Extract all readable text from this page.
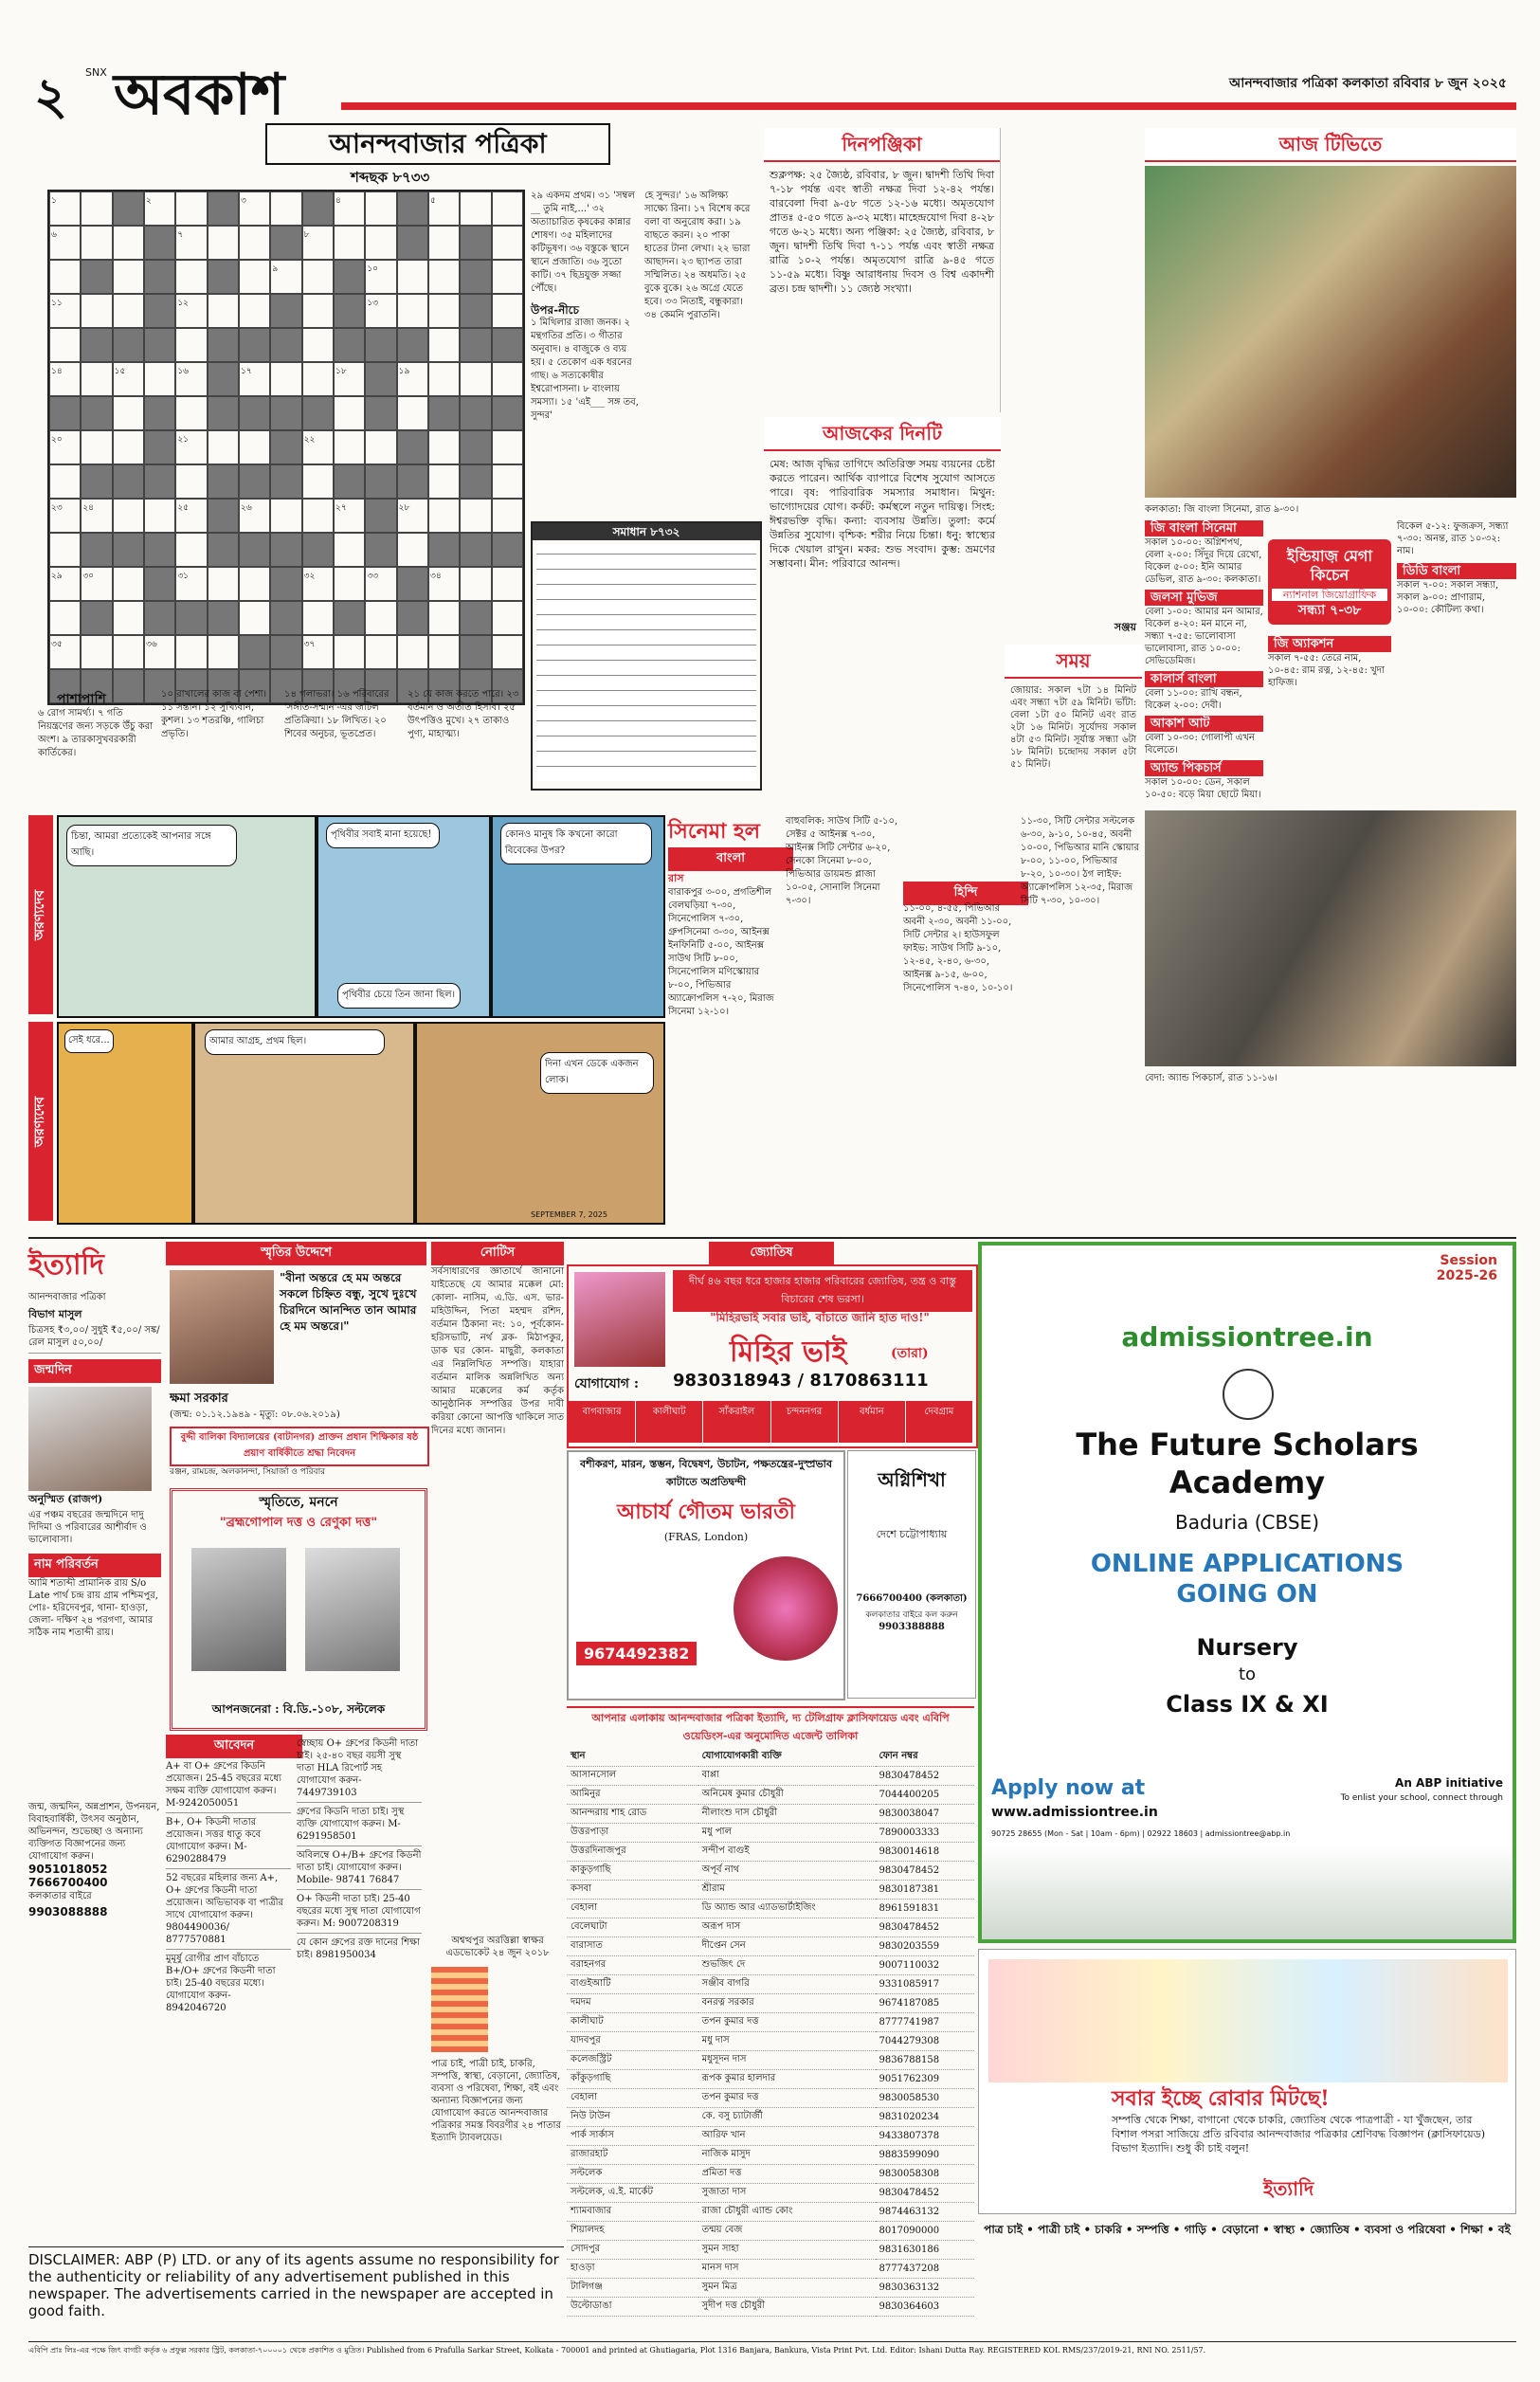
২ SNX অবকাশ	আনন্দবাজার পত্রিকা কলকাতা রবিবার ৮ জুন ২০২৫
আনন্দবাজার পত্রিকা
শব্দছক ৮৭৩৩
১	২	৩	৪	৫
৬	৭	৮
৯	১০
১১	১২	১৩
১৪	১৫	১৬	১৭	১৮	১৯
২০	২১	২২
২৩	২৪	২৫	২৬	২৭	২৮
২৯	৩০	৩১	৩২	৩৩	৩৪
৩৫	৩৬	৩৭
২৯ একদম প্রথম। ৩১ 'সম্বল __ তুমি নাই,...' ৩২ অত্যাচারিত কৃষকের কান্নার শোষণ। ৩৫ মহিলাদের কটিভূষণ। ৩৬ বস্তুকে স্থানে স্থানে প্রজাতি। ৩৬ সুতো কাটি। ৩৭ ছিদ্রযুক্ত সজ্জা পৌঁছে।
উপর-নীচে
১ মিথিলার রাজা জনক। ২ মন্থগতির প্রতি। ৩ গীতার অনুবাদ। ৪ বাজুকে ও ব্যয় হয়। ৫ তেকোণ এক ধরনের গাছ। ৬ সত্যকোষীর ইশ্বরোপাসনা। ৮ বাংলায় সমস্যা। ১৫ 'এই___ সঙ্গ তব, সুন্দর'
হে সুন্দর।' ১৬ অলিক্ষ্য সাক্ষ্যে রিনা। ১৭ বিশেষ করে বলা বা অনুরোধ করা। ১৯ বাছতে করন। ২০ পাকা হাতের টানা লেখা। ২২ ভারা আছাদন। ২৩ ছ্যাপত তারা সম্মিলিত। ২৪ অধমতি। ২৫ বুকে বুকে। ২৬ অগ্রে যেতে হবে। ৩৩ নিতাই, বন্ধুকারা। ৩৪ কেমনি পুরাতনি।
সমাধান ৮৭৩২
পাশাপাশি
৬ রোগ সামর্থ্য। ৭ গতি নিয়ন্ত্রণের জন্য সড়কে উঁচু করা অংশ। ৯ তারকাসুখবরকারী কার্তিকের।
১০ রাখালের কাজ বা পেশা। ১১ সন্তান। ১২ সুখ্যিবান, কুশল। ১৩ শতরঞ্চি, গালিচা প্রভৃতি।
১৪ গলাভরা। ১৬ পরিবারের 'সঙ্গীত-সম্মান'-এর জটিল প্রতিক্রিয়া। ১৮ লিখিত। ২০ শিবের অনুচর, ভূতপ্রেত।
২১ যে কাজ করতে পারে। ২৩ বর্তমান ও অতীত হিসাব। ২৫ উৎপত্তিও মুখে। ২৭ তাকাও পুণ্য, মাহাত্ম্য।
দিনপঞ্জিকা
শুক্লপক্ষ: ২৫ জ্যৈষ্ঠ, রবিবার, ৮ জুন। দ্বাদশী তিথি দিবা ৭-১৮ পর্যন্ত এবং স্বাতী নক্ষত্র দিবা ১২-৪২ পর্যন্ত। বারবেলা দিবা ৯-৫৮ গতে ১২-১৬ মধ্যে। অমৃতযোগ প্রাতঃ ৫-৫০ গতে ৯-৩২ মধ্যে। মাহেন্দ্রযোগ দিবা ৪-২৮ গতে ৬-২১ মধ্যে। অন্য পঞ্জিকা: ২৫ জ্যৈষ্ঠ, রবিবার, ৮ জুন। দ্বাদশী তিথি দিবা ৭-১১ পর্যন্ত এবং স্বাতী নক্ষত্র রাত্রি ১০-২ পর্যন্ত। অমৃতযোগ রাত্রি ৯-৪৫ গতে ১১-৫৯ মধ্যে। বিষ্ণু আরাধনায় দিবস ও বিশ্ব একাদশী ব্রত। চন্দ্র দ্বাদশী। ১১ জ্যেষ্ঠ সংখ্যা।
আজকের দিনটি
মেষ: আজ বৃদ্ধির তাগিদে অতিরিক্ত সময় ব্যয়নের চেষ্টা করতে পারেন। আর্থিক ব্যাপারে বিশেষ সুযোগ আসতে পারে। বৃষ: পারিবারিক সমস্যার সমাধান। মিথুন: ভাগ্যোদয়ের যোগ। কর্কট: কর্মস্থলে নতুন দায়িত্ব। সিংহ: ঈশ্বরভক্তি বৃদ্ধি। কন্যা: ব্যবসায় উন্নতি। তুলা: কর্মে উন্নতির সুযোগ। বৃশ্চিক: শরীর নিয়ে চিন্তা। ধনু: স্বাস্থ্যের দিকে খেয়াল রাখুন। মকর: শুভ সংবাদ। কুম্ভ: ভ্রমণের সম্ভাবনা। মীন: পরিবারে আনন্দ।
সঞ্জয়
সময়
জোয়ার: সকাল ৭টা ১৪ মিনিট এবং সন্ধ্যা ৭টা ৫৯ মিনিট। ভাঁটা: বেলা ১টা ৫০ মিনিট এবং রাত ২টা ১৬ মিনিট। সূর্যোদয় সকাল ৪টা ৫৩ মিনিট। সূর্যাস্ত সন্ধ্যা ৬টা ১৮ মিনিট। চন্দ্রোদয় সকাল ৫টা ৫১ মিনিট।
আজ টিভিতে
কলকাতা: জি বাংলা সিনেমা, রাত ৯-৩০।
জি বাংলা সিনেমা
সকাল ১০-০০: অগ্নিশপথ, বেলা ২-০০: সিঁদুর দিয়ে রেখো, বিকেল ৫-০০: ইনি আমার ডেভিল, রাত ৯-৩০: কলকাতা।
জলসা মুভিজ
বেলা ১-০০: আমার মন আমার, বিকেল ৪-২০: মন মানে না, সন্ধ্যা ৭-৫৫: ভালোবাসা ভালোবাসা, রাত ১০-০০: সেভিডেমিজ।
কালার্স বাংলা
বেলা ১১-০০: রাখি বন্ধন, বিকেল ২-০০: দেবী।
আকাশ আট
বেলা ১০-৩০: গোলাপী এখন বিলেতে।
অ্যান্ড পিকচার্স
সকাল ১০-০০: ডেন, সকাল ১০-৫০: বড়ে মিয়া ছোটে মিয়া।
ইন্ডিয়াজ় মেগা কিচেন
ন্যাশনাল জিয়োগ্রাফিক
সন্ধ্যা ৭-৩৮
জি অ্যাকশন
সকাল ৭-৫৫: তেরে নাম, ১০-৪৫: রাম রত্ন, ১২-৪৫: খুদা হাফিজ।
বিকেল ৫-১২: ফুজক্রস, সন্ধ্যা ৭-৩০: অনন্ত, রাত ১০-৩২: নাম।
ডিডি বাংলা
সকাল ৭-০০: সকাল সন্ধ্যা, সকাল ৯-০০: প্রাণারাম, ১০-০০: কৌটিল্য কথা।
বেদা: অ্যান্ড পিকচার্স, রাত ১১-১৬।
অরণ্যদেব
অরণ্যদেব
চিন্তা, আমরা প্রত্যেকেই আপনার সঙ্গে আছি।
পৃথিবীর সবাই মানা হয়েছে!
পৃথিবীর চেয়ে তিন জানা ছিল।
কোনও মানুষ কি কখনো কারো বিবেকের উপর?
সেই ধরে...	আমার আগ্রহ, প্রথম ছিল।
দিনা এখন ডেকে একজন লোক।
SEPTEMBER 7, 2025
সিনেমা হল
বাংলা
রাস
বারাকপুর ৩-০০, প্রগতিশীল বেলঘড়িয়া ৭-৩০, সিনেপোলিস ৭-৩০, গ্রুপসিনেমা ৩-৩০, আইনক্স ইনফিনিটি ৫-০০, আইনক্স সাউথ সিটি ৮-০০, সিনেপোলিস মণিস্কোয়ার ৮-০০, পিভিআর অ্যাক্রোপলিস ৭-২০, মিরাজ সিনেমা ১২-১০।
বাহুবলিক: সাউথ সিটি ৫-১০, সেক্টর ৫ আইনক্স ৭-৩০, আইনক্স সিটি সেন্টার ৬-২০, সেনকো সিনেমা ৮-০০, পিভিআর ডায়মন্ড প্লাজা ১০-০৫, সোনালি সিনেমা ৭-৩০।
হিন্দি
১১-০০, ৪-৫৫, পিভিআর অবনী ২-৩০, অবনী ১১-০০, সিটি সেন্টার ২। হাউসফুল ফাইভ: সাউথ সিটি ৯-১০, ১২-৪৫, ২-৪০, ৬-৩০, আইনক্স ৯-১৫, ৬-০০, সিনেপোলিস ৭-৪০, ১০-১০।
১১-৩০, সিটি সেন্টার সল্টলেক ৬-৩০, ৯-১০, ১০-৪৫, অবনী ১০-০০, পিভিআর মানি স্কোয়ার ৮-০০, ১১-০০, পিভিআর ৮-২০, ১০-৩০। ঠগ লাইফ: অ্যাক্রোপলিস ১২-৩৫, মিরাজ সিটি ৭-৩০, ১০-৩০।
ইত্যাদি
আনন্দবাজার পত্রিকা
বিভাগ মাসুল
চিত্রসহ ₹৩,০০/ সুধুই ₹৫,০০/ সঙ্ক/রেল মাসুল ৫০,০০/
জন্মদিন
অনুস্মিত (রাজপ)
এর পঞ্চম বছরের জন্মদিনে দাদু দিদিমা ও পরিবারের আশীর্বাদ ও ভালোবাসা।
নাম পরিবর্তন
আমি শতাব্দী প্রামানিক রায় S/o Late পার্থ চন্দ্র রায় গ্রাম পশ্চিমপুর, পোঃ- হরিদেবপুর, থানা- হাওড়া, জেলা- দক্ষিণ ২৪ পরগণা, আমার সঠিক নাম শতাব্দী রায়।
জন্ম, জন্মদিন, অন্নপ্রাশন, উপনয়ন, বিবাহবার্ষিকী, উৎসব অনুষ্ঠান, অভিনন্দন, শুভেচ্ছা ও অন্যান্য ব্যক্তিগত বিজ্ঞাপনের জন্য যোগাযোগ করুন।
9051018052
7666700400
কলকাতার বাইরে
9903088888
স্মৃতির উদ্দেশে
"বীনা অন্তরে হে মম অন্তরে সকলে চিহ্নিত বন্ধু, সুখে দুঃখে চিরদিনে আনন্দিত তান আমার হে মম অন্তরে।"
ক্ষমা সরকার
(জন্ম: ০১.১২.১৯৪৯ - মৃত্যু: ০৮.০৬.২০১৯)
বুদ্দী বালিকা বিদ্যালয়ের (বাটানগর) প্রাক্তন প্রধান শিক্ষিকার ষষ্ঠ প্রয়াণ বার্ষিকীতে শ্রদ্ধা নিবেদন
রঞ্জন, রামচন্দ্র, অলকানন্দা, সিয়ার্জা ও পরিবার
স্মৃতিতে, মননে
"ব্রহ্মগোপাল দত্ত ও রেণুকা দত্ত"
আপনজনেরা : বি.ডি.-১০৮, সল্টলেক
আবেদন
A+ বা O+ গ্রুপের কিডনি প্রয়োজন। 25-45 বছরের মধ্যে সক্ষম ব্যক্তি যোগাযোগ করুন। M-9242050051
B+, O+ কিডনী দাতার প্রয়োজন। সত্তর ধাতু কবে যোগাযোগ করুন। M-6290288479
52 বছরের মহিলার জন্য A+, O+ গ্রুপের কিডনী দাতা প্রয়োজন। অভিভাবক বা পাত্রীর সাথে যোগাযোগ করুন। 9804490036/ 8777570881
মুমূর্ষু রোগীর প্রাণ বাঁচাতে B+/O+ গ্রুপের কিডনী দাতা চাই। 25-40 বছরের মধ্যে। যোগাযোগ করুন- 8942046720
স্বেচ্ছায় O+ গ্রুপের কিডনী দাতা চাই। ২৫-৪০ বছর বয়সী সুস্থ দাতা HLA রিপোর্ট সহ যোগাযোগ করুন- 7449739103
গ্রুপের কিডনি দাতা চাই। সুস্থ ব্যক্তি যোগাযোগ করুন। M-6291958501
অবিলম্বে O+/B+ গ্রুপের কিডনী দাতা চাই। যোগাযোগ করুন। Mobile- 98741 76847
O+ কিডনী দাতা চাই। 25-40 বছরের মধ্যে সুস্থ দাতা যোগাযোগ করুন। M: 9007208319
যে কোন গ্রুপের রক্ত দানের শিক্ষা চাই। 8981950034
নোটিস
সর্বসাধারণের জ্ঞাতার্থে জানানো যাইতেছে যে আমার মক্কেল মো: কোলা- নাসিম, এ.ডি. এস. ভার- মহিউদ্দিন, পিতা মহম্মদ রশিদ, বর্তমান ঠিকানা নং: ১০, পূর্বকোন- হরিসভাটি, নর্থ ব্লক- মিঠাপকুর, ডাক ঘর কোন- মাছুরী, কলকাতা এর নিম্নলিখিত সম্পত্তি। যাহারা বর্তমান মালিক অন্নলিখিত অন্য আমার মক্কেলের কর্ম কর্তৃক আনুষ্ঠানিক সম্পত্তির উপর দাবী করিয়া কোনো আপত্তি থাকিলে সাত দিনের মধ্যে জানান।
অশ্বত্থপুর অরত্তিল্লা স্বাক্ষর এডভোকেট ২৪ জুন ২০১৮
পাত্র চাই, পাত্রী চাই, চাকরি, সম্পত্তি, স্বাস্থ্য, বেড়ানো, জ্যোতিষ, ব্যবসা ও পরিষেবা, শিক্ষা, বই এবং অন্যান্য বিজ্ঞাপনের জন্য যোগাযোগ করতে আনন্দবাজার পত্রিকার সমস্ত বিবরণীর ২৪ পাতার ইত্যাদি ট্যাবলয়েড।
জ্যোতিষ
দীর্ঘ ৪৬ বছর ধরে হাজার হাজার পরিবারের জ্যোতিষ, তন্ত্র ও বাস্তু বিচারের শেষ ভরসা।
"মিহিরভাই সবার ভাই, বাঁচাতে জানি হাত দাও!"
মিহির ভাই	(তারা)
যোগাযোগ : 9830318943 / 8170863111
বাগবাজার	কালীঘাট	সাঁকরাইল	চন্দননগর	বর্ধমান	দেবগ্রাম
বশীকরণ, মারন, স্তম্ভন, বিদ্বেষণ, উচাটন, পক্ষতন্ত্রের-দুস্প্রভাব কাটাতে অপ্রতিদ্বন্দী
আচার্য গৌতম ভারতী
(FRAS, London)
9674492382
অগ্নিশিখা
দেশে চট্টোপাধ্যায়
7666700400 (কলকাতা)
কলকাতার বাইরে কল করুন
9903388888
আপনার এলাকায় আনন্দবাজার পত্রিকা ইত্যাদি, দ্য টেলিগ্রাফ ক্লাসিফায়েড এবং এবিপি ওয়েডিংস-এর অনুমোদিত এজেন্ট তালিকা
স্থান	যোগাযোগকারী ব্যক্তি	ফোন নম্বর
আসানসোল	বাপ্পা	9830478452
আমিনুর	অনিমেষ কুমার চৌধুরী	7044400205
আনন্দরায় শাহ রোড	নীলাংশু দাস চৌধুরী	9830038047
উত্তরপাড়া	মধু পাল	7890003333
উত্তরদিনাজপুর	সন্দীপ বাগুই	9830014618
কাকুড়গাছি	অপূর্ব নাথ	9830478452
কসবা	শ্রীরাম	9830187381
বেহালা	ডি অ্যান্ড আর এ্যাডভার্টাইজিং	8961591831
বেলেঘাটা	অরূপ দাস	9830478452
বারাসাত	দীপ্তেন সেন	9830203559
বরাহনগর	শুভজিৎ দে	9007110032
বাগুইআটি	সঞ্জীব বাগরি	9331085917
দমদম	বনরত্ন সরকার	9674187085
কালীঘাট	তপন কুমার দত্ত	8777741987
যাদবপুর	মধু দাস	7044279308
কলেজস্ট্রিট	মধুসূদন দাস	9836788158
কাঁকুড়গাছি	রূপক কুমার হালদার	9051762309
বেহালা	তপন কুমার দত্ত	9830058530
নিউ টাউন	কে. বসু চ্যাটার্জী	9831020234
পার্ক সার্কাস	আরিফ খান	9433807378
রাজারহাট	নাজিক মাসুদ	9883599090
সল্টলেক	প্রমিতা দত্ত	9830058308
সল্টলেক, এ.ই. মার্কেট	সুজাতা দাস	9830478452
শ্যামবাজার	রাজা চৌধুরী এ্যান্ড কোং	9874463132
শিয়ালদহ	তন্ময় বেজ	8017090000
সোদপুর	সুমন সাহা	9831630186
হাওড়া	মানস দাস	8777437208
টালিগঞ্জ	সুমন মিত্র	9830363132
উল্টোডাঙা	সুদীপ দত্ত চৌধুরী	9830364603
Session 2025-26
admissiontree.in
The Future Scholars Academy
Baduria (CBSE)
ONLINE APPLICATIONS GOING ON
Nursery
to
Class IX & XI
Apply now at
www.admissiontree.in
An ABP initiative
To enlist your school, connect through
90725 28655 (Mon - Sat | 10am - 6pm) | 02922 18603 | admissiontree@abp.in
সবার ইচ্ছে রোবার মিটছে!
সম্পত্তি থেকে শিক্ষা, বাগানো থেকে চাকরি, জ্যোতিষ থেকে পাত্রপাত্রী - যা খুঁজছেন, তার বিশাল পসরা সাজিয়ে প্রতি রবিবার আনন্দবাজার পত্রিকার শ্রেণিবদ্ধ বিজ্ঞাপন (ক্লাসিফায়েড) বিভাগ ইত্যাদি। শুধু কী চাই বলুন!
ইত্যাদি
পাত্র চাই • পাত্রী চাই • চাকরি • সম্পত্তি • গাড়ি • বেড়ানো • স্বাস্থ্য • জ্যোতিষ • ব্যবসা ও পরিষেবা • শিক্ষা • বই
DISCLAIMER: ABP (P) LTD. or any of its agents assume no responsibility for the authenticity or reliability of any advertisement published in this newspaper. The advertisements carried in the newspaper are accepted in good faith.
এবিপি প্রাঃ লিঃ-এর পক্ষে জিৎ বাগচী কর্তৃক ৬ প্রফুল্ল সরকার স্ট্রিট, কলকাতা-৭০০০০১ থেকে প্রকাশিত ও মুদ্রিত। Published from 6 Prafulla Sarkar Street, Kolkata - 700001 and printed at Ghutiagaria, Plot 1316 Banjara, Bankura, Vista Print Pvt. Ltd. Editor: Ishani Dutta Ray. REGISTERED KOL RMS/237/2019-21, RNI NO. 2511/57.
